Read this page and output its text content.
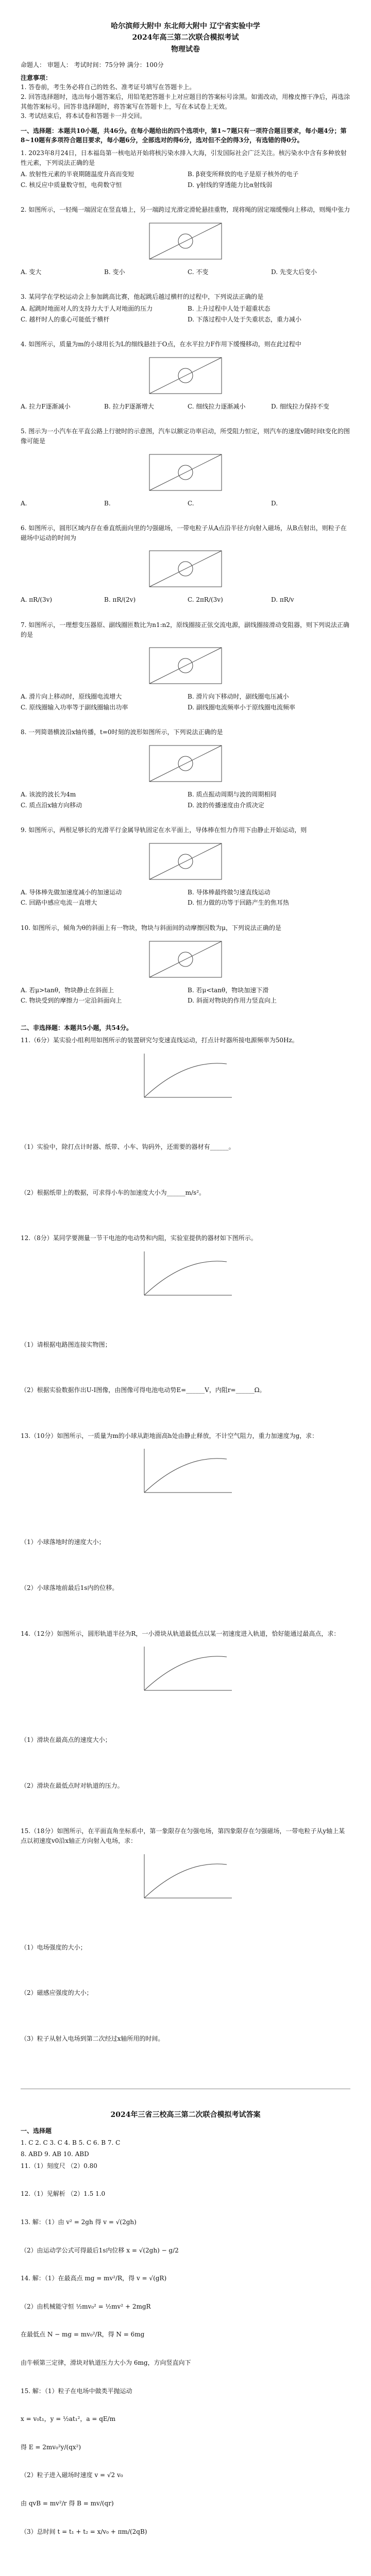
哈尔滨师大附中 东北师大附中 辽宁省实验中学
2024年高三第二次联合模拟考试
物理试卷
命题人： 审题人： 考试时间：75分钟 满分：100分
注意事项：
1. 答卷前，考生务必将自己的姓名、准考证号填写在答题卡上。
2. 回答选择题时，选出每小题答案后，用铅笔把答题卡上对应题目的答案标号涂黑。如需改动，用橡皮擦干净后，再选涂其他答案标号。回答非选择题时，将答案写在答题卡上，写在本试卷上无效。
3. 考试结束后，将本试卷和答题卡一并交回。
一、选择题：本题共10小题，共46分。在每小题给出的四个选项中，第1~7题只有一项符合题目要求，每小题4分；第8~10题有多项符合题目要求，每小题6分，全部选对的得6分，选对但不全的得3分，有选错的得0分。
1. 2023年8月24日，日本福岛第一核电站开始将核污染水排入大海，引发国际社会广泛关注。核污染水中含有多种放射性元素，下列说法正确的是
A. 放射性元素的半衰期随温度升高而变短	B. β衰变所释放的电子是原子核外的电子
C. 核反应中质量数守恒，电荷数守恒	D. γ射线的穿透能力比α射线弱
2. 如图所示，一轻绳一端固定在竖直墙上，另一端跨过光滑定滑轮悬挂重物，现将绳的固定端缓慢向上移动，则绳中张力
A. 变大	B. 变小	C. 不变	D. 先变大后变小
3. 某同学在学校运动会上参加跳高比赛，他起跳后越过横杆的过程中，下列说法正确的是
A. 起跳时地面对人的支持力大于人对地面的压力	B. 上升过程中人处于超重状态
C. 越杆时人的重心可能低于横杆	D. 下落过程中人处于失重状态，重力减小
4. 如图所示，质量为m的小球用长为L的细线悬挂于O点，在水平拉力F作用下缓慢移动，则在此过程中
A. 拉力F逐渐减小	B. 拉力F逐渐增大	C. 细线拉力逐渐减小	D. 细线拉力保持不变
5. 图示为一小汽车在平直公路上行驶时的示意图，汽车以额定功率启动，所受阻力恒定，则汽车的速度v随时间t变化的图像可能是
A.	B.	C.	D.
6. 如图所示，圆形区域内存在垂直纸面向里的匀强磁场，一带电粒子从A点沿半径方向射入磁场，从B点射出，则粒子在磁场中运动的时间为
A. πR/(3v)	B. πR/(2v)	C. 2πR/(3v)	D. πR/v
7. 如图所示，一理想变压器原、副线圈匝数比为n1:n2，原线圈接正弦交流电源，副线圈接滑动变阻器，则下列说法正确的是
A. 滑片向上移动时，原线圈电流增大	B. 滑片向下移动时，副线圈电压减小
C. 原线圈输入功率等于副线圈输出功率	D. 副线圈电流频率小于原线圈电流频率
8. 一列简谐横波沿x轴传播，t=0时刻的波形如图所示，下列说法正确的是
A. 该波的波长为4m	B. 质点振动周期与波的周期相同
C. 质点沿x轴方向移动	D. 波的传播速度由介质决定
9. 如图所示，两根足够长的光滑平行金属导轨固定在水平面上，导体棒在恒力作用下由静止开始运动，则
A. 导体棒先做加速度减小的加速运动	B. 导体棒最终做匀速直线运动
C. 回路中感应电流一直增大	D. 恒力做的功等于回路产生的焦耳热
10. 如图所示，倾角为θ的斜面上有一物块，物块与斜面间的动摩擦因数为μ，下列说法正确的是
A. 若μ>tanθ，物块静止在斜面上	B. 若μ<tanθ，物块加速下滑
C. 物块受到的摩擦力一定沿斜面向上	D. 斜面对物块的作用力竖直向上
二、非选择题：本题共5小题，共54分。
11.（6分）某实验小组利用如图所示的装置研究匀变速直线运动，打点计时器所接电源频率为50Hz。
（1）实验中，除打点计时器、纸带、小车、钩码外，还需要的器材有______。
（2）根据纸带上的数据，可求得小车的加速度大小为______m/s²。
12.（8分）某同学要测量一节干电池的电动势和内阻，实验室提供的器材如下图所示。
（1）请根据电路图连接实物图；
（2）根据实验数据作出U-I图像，由图像可得电池电动势E=______V，内阻r=______Ω。
13.（10分）如图所示，一质量为m的小球从距地面高h处由静止释放，不计空气阻力，重力加速度为g，求：
（1）小球落地时的速度大小；
（2）小球落地前最后1s内的位移。
14.（12分）如图所示，圆形轨道半径为R，一小滑块从轨道最低点以某一初速度进入轨道，恰好能通过最高点，求：
（1）滑块在最高点的速度大小；
（2）滑块在最低点时对轨道的压力。
15.（18分）如图所示，在平面直角坐标系中，第一象限存在匀强电场，第四象限存在匀强磁场，一带电粒子从y轴上某点以初速度v0沿x轴正方向射入电场，求：
（1）电场强度的大小；
（2）磁感应强度的大小；
（3）粒子从射入电场到第二次经过x轴所用的时间。
2024年三省三校高三第二次联合模拟考试答案
一、选择题
1. C 2. C 3. C 4. B 5. C 6. B 7. C
8. ABD 9. AB 10. ABD
11.（1）刻度尺 （2）0.80
12.（1）见解析 （2）1.5 1.0
13. 解：（1）由 v² = 2gh 得 v = √(2gh)
（2）由运动学公式可得最后1s内位移 x = √(2gh) − g/2
14. 解：（1）在最高点 mg = mv²/R，得 v = √(gR)
（2）由机械能守恒 ½mv₀² = ½mv² + 2mgR
在最低点 N − mg = mv₀²/R，得 N = 6mg
由牛顿第三定律，滑块对轨道压力大小为 6mg，方向竖直向下
15. 解：（1）粒子在电场中做类平抛运动
x = v₀t₁，y = ½at₁²，a = qE/m
得 E = 2mv₀²y/(qx²)
（2）粒子进入磁场时速度 v = √2 v₀
由 qvB = mv²/r 得 B = mv/(qr)
（3）总时间 t = t₁ + t₂ = x/v₀ + πm/(2qB)
